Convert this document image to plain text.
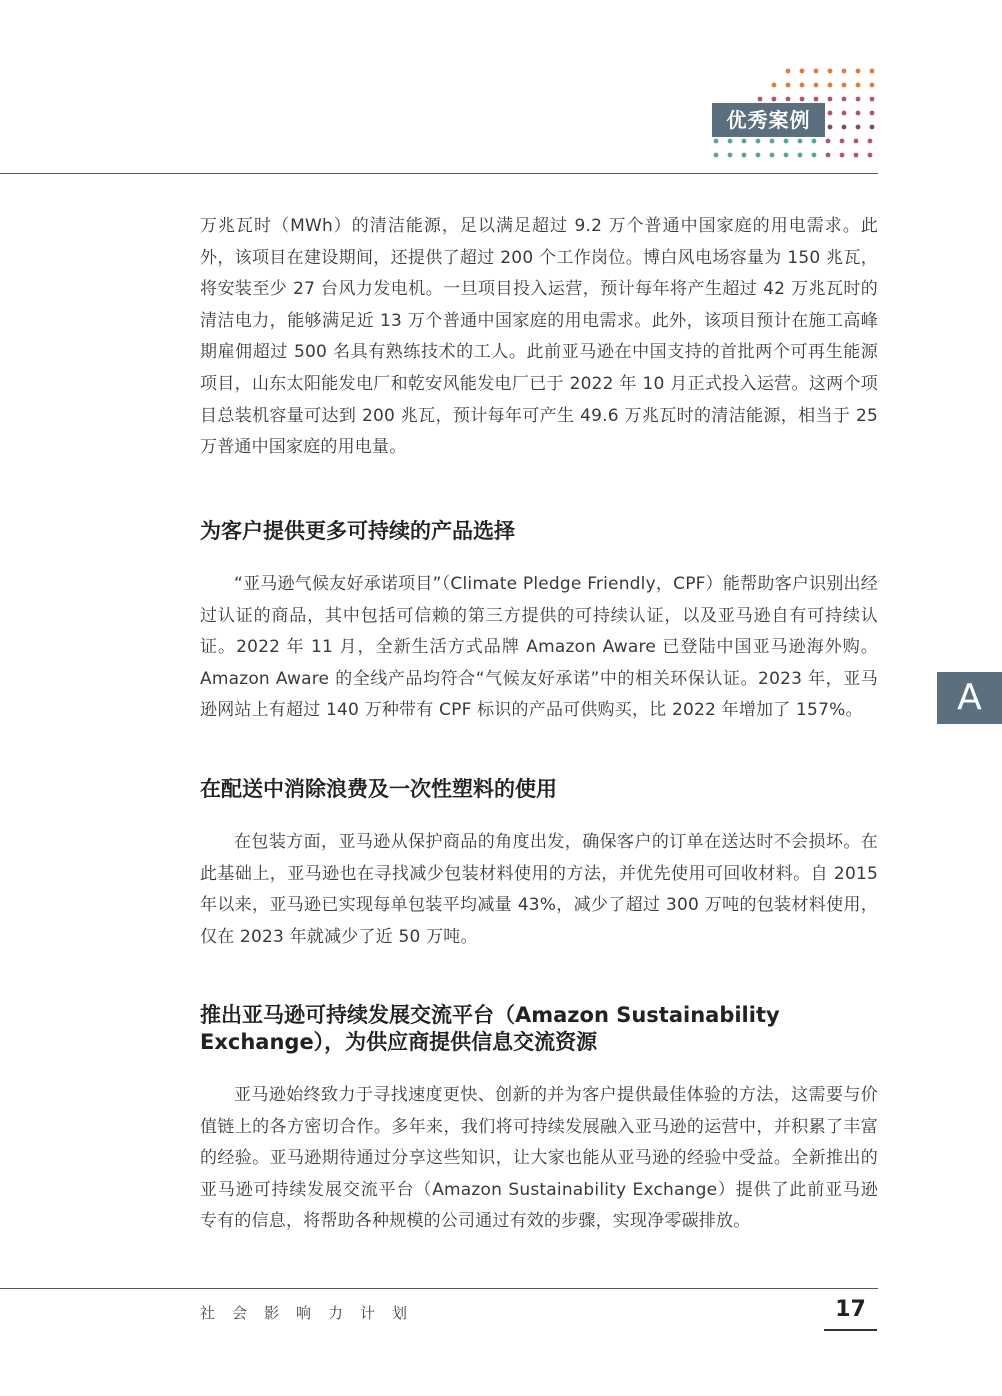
优秀案例
A

万兆瓦时（MWh）的清洁能源，足以满足超过 9.2 万个普通中国家庭的用电需求。此外，该项目在建设期间，还提供了超过 200 个工作岗位。博白风电场容量为 150 兆瓦，将安装至少 27 台风力发电机。一旦项目投入运营，预计每年将产生超过 42 万兆瓦时的清洁电力，能够满足近 13 万个普通中国家庭的用电需求。此外，该项目预计在施工高峰期雇佣超过 500 名具有熟练技术的工人。此前亚马逊在中国支持的首批两个可再生能源项目，山东太阳能发电厂和乾安风能发电厂已于 2022 年 10 月正式投入运营。这两个项目总装机容量可达到 200 兆瓦，预计每年可产生 49.6 万兆瓦时的清洁能源，相当于 25 万普通中国家庭的用电量。

为客户提供更多可持续的产品选择

“亚马逊气候友好承诺项目”（Climate Pledge Friendly，CPF）能帮助客户识别出经过认证的商品，其中包括可信赖的第三方提供的可持续认证，以及亚马逊自有可持续认证。2022 年 11 月，全新生活方式品牌 Amazon Aware 已登陆中国亚马逊海外购。Amazon Aware 的全线产品均符合“气候友好承诺”中的相关环保认证。2023 年，亚马逊网站上有超过 140 万种带有 CPF 标识的产品可供购买，比 2022 年增加了 157%。

在配送中消除浪费及一次性塑料的使用

在包装方面，亚马逊从保护商品的角度出发，确保客户的订单在送达时不会损坏。在此基础上，亚马逊也在寻找减少包装材料使用的方法，并优先使用可回收材料。自 2015 年以来，亚马逊已实现每单包装平均减量 43%，减少了超过 300 万吨的包装材料使用，仅在 2023 年就减少了近 50 万吨。

推出亚马逊可持续发展交流平台（Amazon Sustainability Exchange），为供应商提供信息交流资源

亚马逊始终致力于寻找速度更快、创新的并为客户提供最佳体验的方法，这需要与价值链上的各方密切合作。多年来，我们将可持续发展融入亚马逊的运营中，并积累了丰富的经验。亚马逊期待通过分享这些知识，让大家也能从亚马逊的经验中受益。全新推出的亚马逊可持续发展交流平台（Amazon Sustainability Exchange）提供了此前亚马逊专有的信息，将帮助各种规模的公司通过有效的步骤，实现净零碳排放。

社会影响力计划	17
